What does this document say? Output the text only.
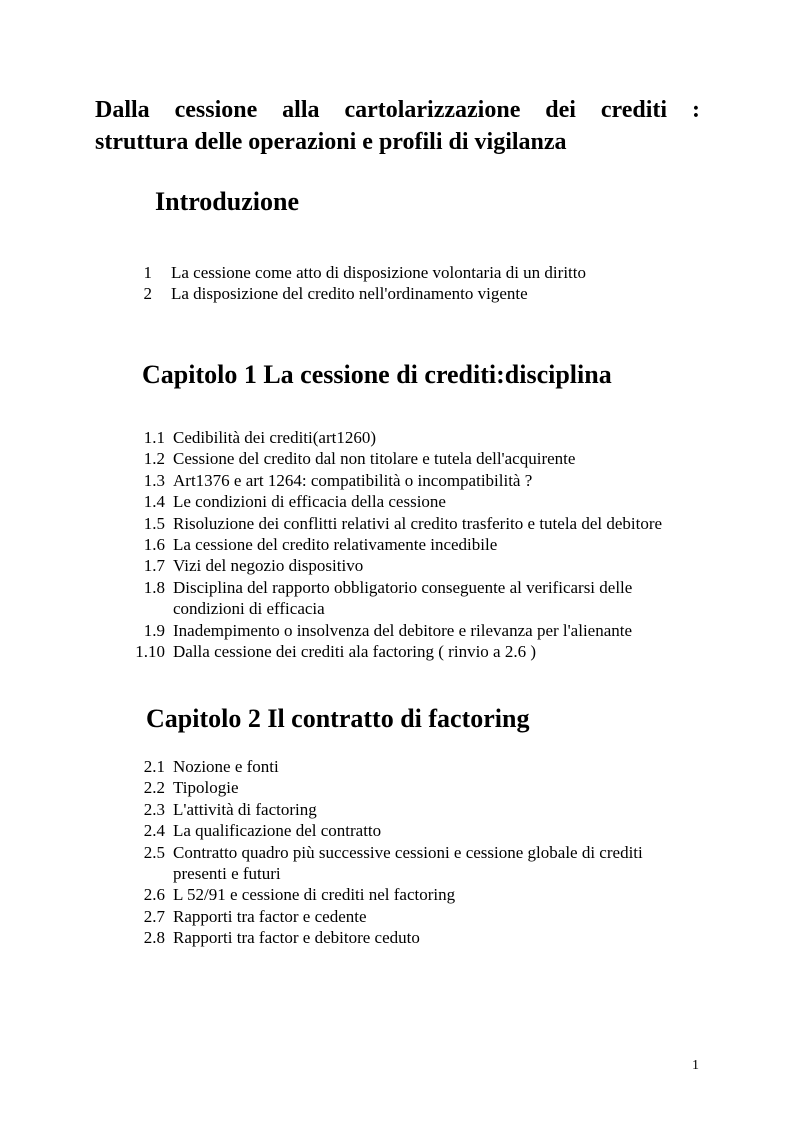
Dalla cessione alla cartolarizzazione dei crediti :
struttura delle operazioni e profili di vigilanza
Introduzione
1 La cessione come atto di disposizione volontaria di un diritto
2 La disposizione del credito nell'ordinamento vigente
Capitolo 1 La cessione di crediti:disciplina
1.1 Cedibilità dei crediti(art1260)
1.2 Cessione del credito dal non titolare e tutela dell'acquirente
1.3 Art1376 e art 1264: compatibilità o incompatibilità ?
1.4 Le condizioni di efficacia della cessione
1.5 Risoluzione dei conflitti relativi al credito trasferito e tutela del debitore
1.6 La cessione del credito relativamente incedibile
1.7 Vizi del negozio dispositivo
1.8 Disciplina del rapporto obbligatorio conseguente al verificarsi delle condizioni di efficacia
1.9 Inadempimento o insolvenza del debitore e rilevanza per l'alienante
1.10 Dalla cessione dei crediti ala factoring ( rinvio a 2.6 )
Capitolo 2 Il contratto di factoring
2.1 Nozione e fonti
2.2 Tipologie
2.3 L'attività di factoring
2.4 La qualificazione del contratto
2.5 Contratto quadro più successive cessioni e cessione globale di crediti presenti e futuri
2.6 L 52/91 e cessione di crediti nel factoring
2.7 Rapporti tra factor e cedente
2.8 Rapporti tra factor e debitore ceduto
1
